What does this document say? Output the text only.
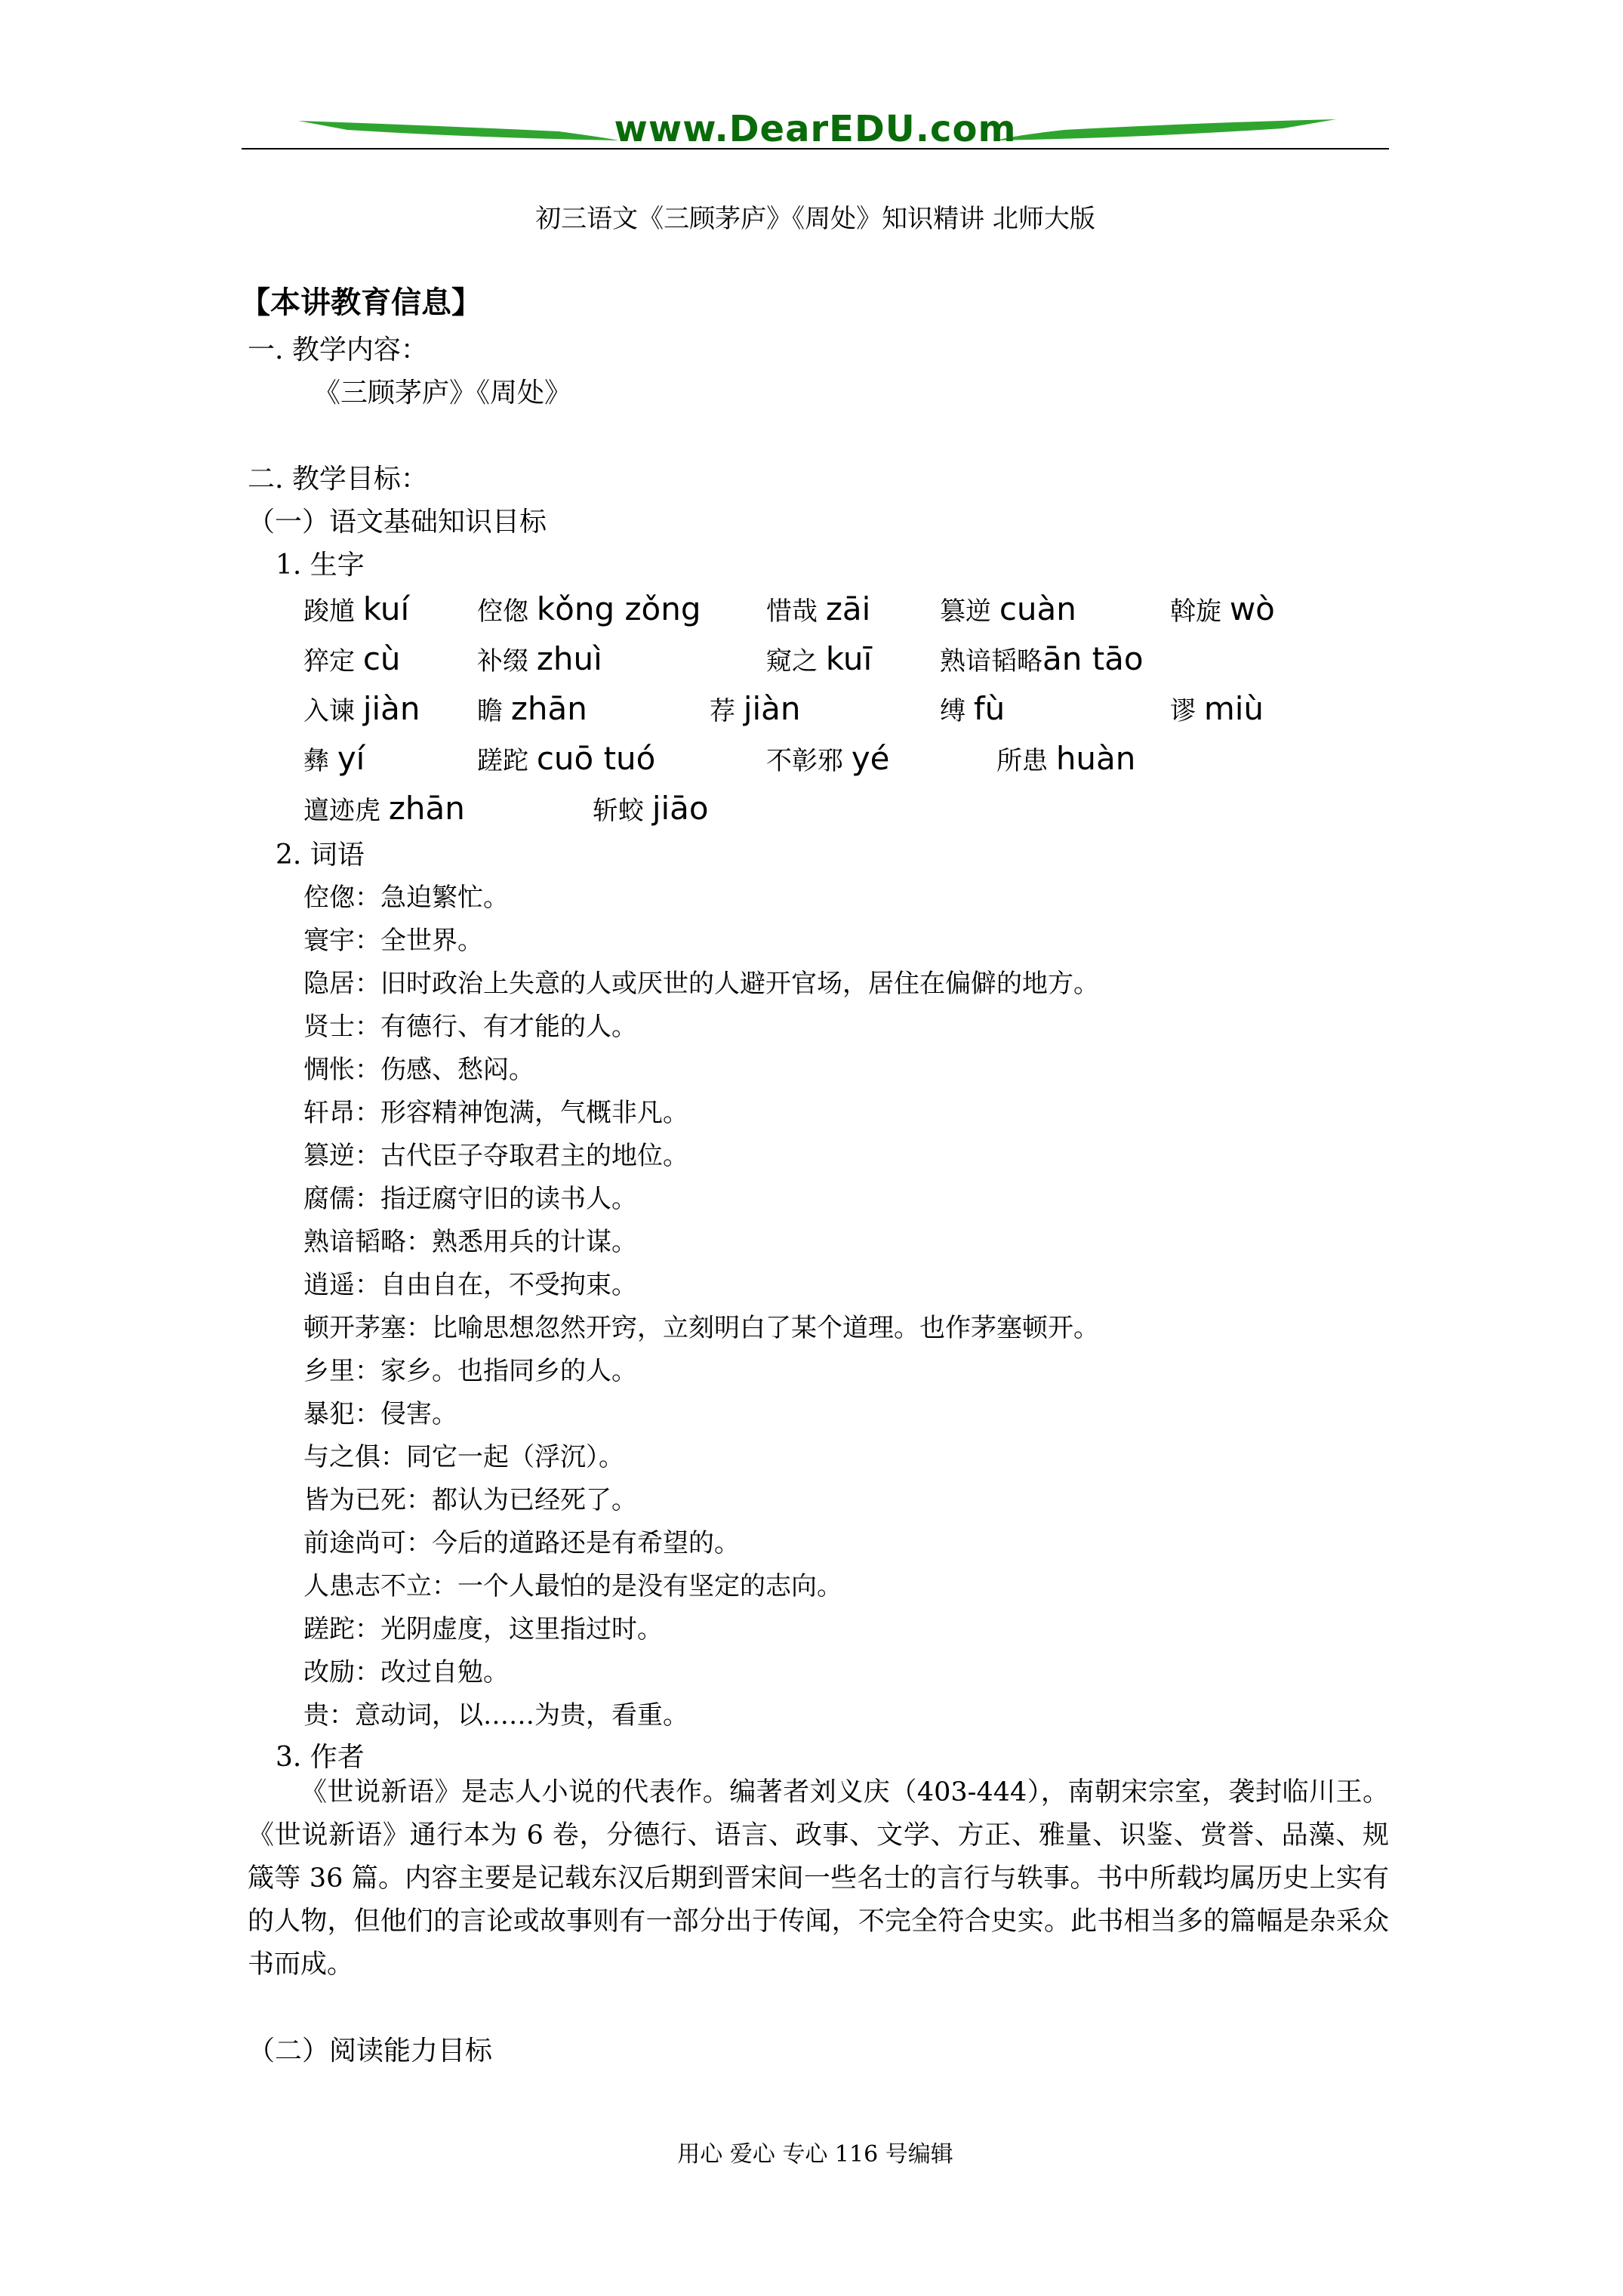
www.DearEDU.com
初三语文《三顾茅庐》《周处》知识精讲 北师大版
【本讲教育信息】
一. 教学内容：
《三顾茅庐》《周处》
二. 教学目标：
（一）语文基础知识目标
1. 生字
踆馗 kuí	倥偬 kǒng zǒng	惜哉 zāi	篡逆 cuàn	斡旋 wò
猝定 cù	补缀 zhuì	窥之 kuī	熟谙韬略ān tāo
入谏 jiàn 瞻 zhān	荐 jiàn	缚 fù	谬 miù
彝 yí	蹉跎 cuō tuó	不彰邪 yé	所患 huàn
邅迹虎 zhān	斩蛟 jiāo
2. 词语
倥偬：急迫繁忙。
寰宇：全世界。
隐居：旧时政治上失意的人或厌世的人避开官场，居住在偏僻的地方。
贤士：有德行、有才能的人。
惆怅：伤感、愁闷。
轩昂：形容精神饱满，气概非凡。
篡逆：古代臣子夺取君主的地位。
腐儒：指迂腐守旧的读书人。
熟谙韬略：熟悉用兵的计谋。
逍遥：自由自在，不受拘束。
顿开茅塞：比喻思想忽然开窍，立刻明白了某个道理。也作茅塞顿开。
乡里：家乡。也指同乡的人。
暴犯：侵害。
与之俱：同它一起（浮沉）。
皆为已死：都认为已经死了。
前途尚可：今后的道路还是有希望的。
人患志不立：一个人最怕的是没有坚定的志向。
蹉跎：光阴虚度，这里指过时。
改励：改过自勉。
贵：意动词，以……为贵，看重。
3. 作者
《世说新语》是志人小说的代表作。编著者刘义庆（403-444），南朝宋宗室，袭封临川王。《世说新语》通行本为 6 卷，分德行、语言、政事、文学、方正、雅量、识鉴、赏誉、品藻、规箴等 36 篇。内容主要是记载东汉后期到晋宋间一些名士的言行与轶事。书中所载均属历史上实有的人物，但他们的言论或故事则有一部分出于传闻，不完全符合史实。此书相当多的篇幅是杂采众书而成。
（二）阅读能力目标
用心 爱心 专心 116 号编辑
